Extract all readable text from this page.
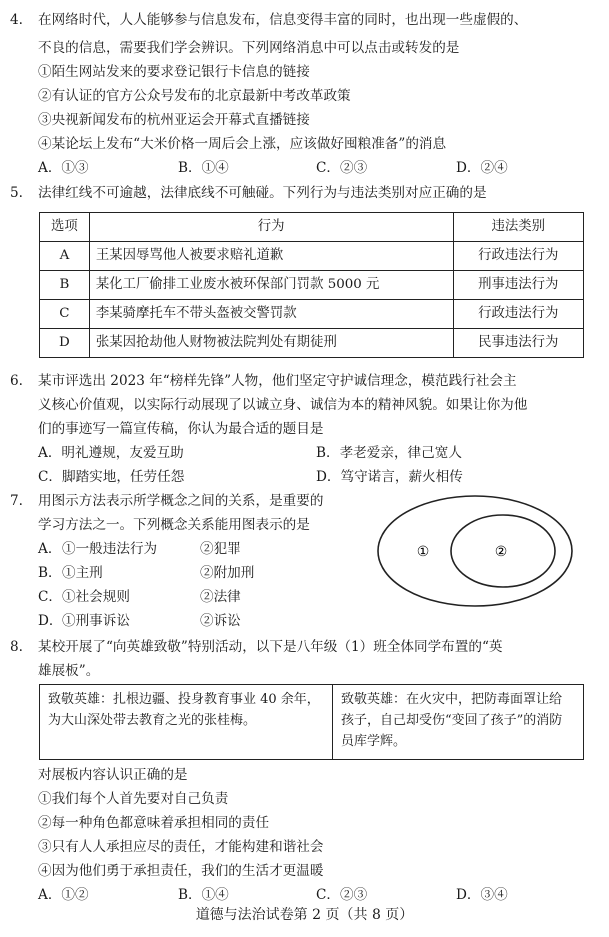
4. 在网络时代，人人能够参与信息发布，信息变得丰富的同时，也出现一些虚假的、
不良的信息，需要我们学会辨识。下列网络消息中可以点击或转发的是
①陌生网站发来的要求登记银行卡信息的链接
②有认证的官方公众号发布的北京最新中考改革政策
③央视新闻发布的杭州亚运会开幕式直播链接
④某论坛上发布“大米价格一周后会上涨，应该做好囤粮准备”的消息
A．①③	B．①④	C．②③	D．②④
5. 法律红线不可逾越，法律底线不可触碰。下列行为与违法类别对应正确的是
选项	行为	违法类别
A	王某因辱骂他人被要求赔礼道歉	行政违法行为
B	某化工厂偷排工业废水被环保部门罚款 5000 元	刑事违法行为
C	李某骑摩托车不带头盔被交警罚款	行政违法行为
D	张某因抢劫他人财物被法院判处有期徒刑	民事违法行为
6. 某市评选出 2023 年“榜样先锋”人物，他们坚定守护诚信理念，模范践行社会主
义核心价值观，以实际行动展现了以诚立身、诚信为本的精神风貌。如果让你为他
们的事迹写一篇宣传稿，你认为最合适的题目是
A．明礼遵规，友爱互助	B．孝老爱亲，律己宽人
C．脚踏实地，任劳任怨	D．笃守诺言，薪火相传
7. 用图示方法表示所学概念之间的关系，是重要的
学习方法之一。下列概念关系能用图表示的是
A． ①一般违法行为	②犯罪
B． ①主刑	②附加刑
C． ①社会规则	②法律
D． ①刑事诉讼	②诉讼
①	②
8. 某校开展了“向英雄致敬”特别活动，以下是八年级（1）班全体同学布置的“英
雄展板”。
致敬英雄：扎根边疆、投身教育事业 40 余年，为大山深处带去教育之光的张桂梅。
致敬英雄：在火灾中，把防毒面罩让给孩子，自己却受伤“变回了孩子”的消防员库学辉。
对展板内容认识正确的是
①我们每个人首先要对自己负责
②每一种角色都意味着承担相同的责任
③只有人人承担应尽的责任，才能构建和谐社会
④因为他们勇于承担责任，我们的生活才更温暖
A．①②	B．①④	C．②③	D．③④
道德与法治试卷第 2 页（共 8 页）
